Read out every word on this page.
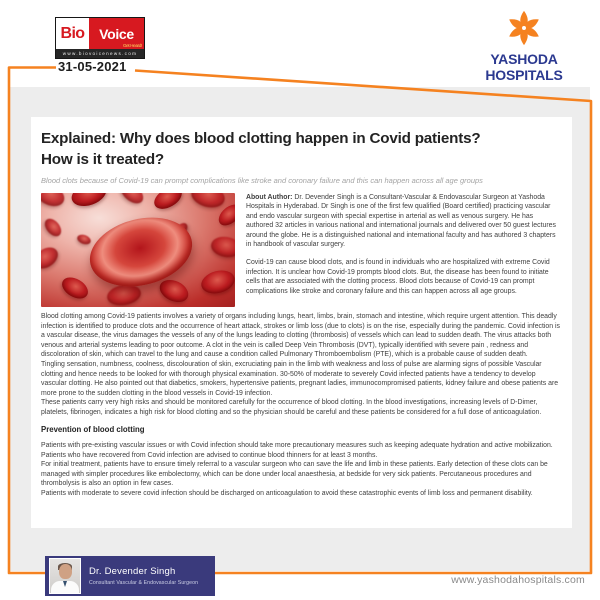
Bio	Voice
Get Heard!
www.biovoicenews.com
31-05-2021	YASHODA
HOSPITALS
Explained: Why does blood clotting happen in Covid patients?
How is it treated?
Blood clots because of Covid-19 can prompt complications like stroke and coronary failure and this can happen across all age groups

About Author: Dr. Devender Singh is a Consultant-Vascular & Endovascular Surgeon at Yashoda Hospitals in Hyderabad. Dr Singh is one of the first few qualified (Board certified) practicing vascular and endo vascular surgeon with special expertise in arterial as well as venous surgery. He has authored 32 articles in various national and international journals and delivered over 50 guest lectures around the globe. He is a distinguished national and international faculty and has authored 3 chapters in handbook of vascular surgery.

Covid-19 can cause blood clots, and is found in individuals who are hospitalized with extreme Covid infection. It is unclear how Covid-19 prompts blood clots. But, the disease has been found to initiate cells that are associated with the clotting process. Blood clots because of Covid-19 can prompt complications like stroke and coronary failure and this can happen across all age groups.

Blood clotting among Covid-19 patients involves a variety of organs including lungs, heart, limbs, brain, stomach and intestine, which require urgent attention. This deadly infection is identified to produce clots and the occurrence of heart attack, strokes or limb loss (due to clots) is on the rise, especially during the pandemic. Covid infection is a vascular disease, the virus damages the vessels of any of the lungs leading to clotting (thrombosis) of vessels which can lead to sudden death. The virus attacks both venous and arterial systems leading to poor outcome. A clot in the vein is called Deep Vein Thrombosis (DVT), typically identified with severe pain , redness and discoloration of skin, which can travel to the lung and cause a condition called Pulmonary Thromboembolism (PTE), which is a probable cause of sudden death.

Tingling sensation, numbness, coolness, discolouration of skin, excruciating pain in the limb with weakness and loss of pulse are alarming signs of possible Vascular clotting and hence needs to be looked for with thorough physical examination. 30-50% of moderate to severely Covid infected patients have a tendency to develop vascular clotting. He also pointed out that diabetics, smokers, hypertensive patients, pregnant ladies, immunocompromised patients, kidney failure and obese patients are more prone to the sudden clotting in the blood vessels in Covid-19 infection.

These patients carry very high risks and should be monitored carefully for the occurrence of blood clotting. In the blood investigations, increasing levels of D-Dimer, platelets, fibrinogen, indicates a high risk for blood clotting and so the physician should be careful and these patients be considered for a full dose of anticoagulation.

Prevention of blood clotting

Patients with pre-existing vascular issues or with Covid infection should take more precautionary measures such as keeping adequate hydration and active mobilization. Patients who have recovered from Covid infection are advised to continue blood thinners for at least 3 months.

For initial treatment, patients have to ensure timely referral to a vascular surgeon who can save the life and limb in these patients. Early detection of these clots can be managed with simpler procedures like embolectomy, which can be done under local anaesthesia, at bedside for very sick patients. Percutaneous procedures and thrombolysis is also an option in few cases.

Patients with moderate to severe covid infection should be discharged on anticoagulation to avoid these catastrophic events of limb loss and permanent disability.

Dr. Devender Singh
Consultant Vascular & Endovascular Surgeon	www.yashodahospitals.com
